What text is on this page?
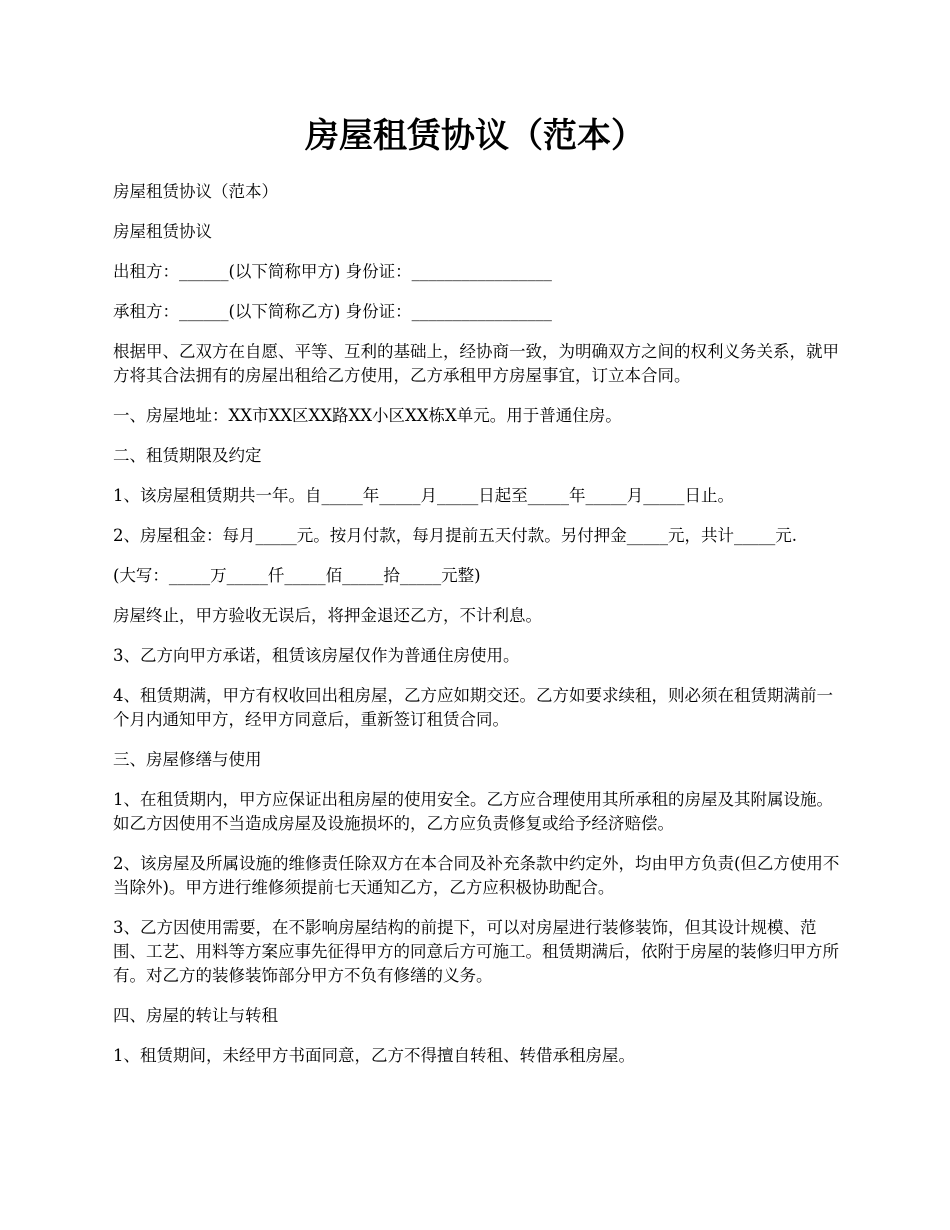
房屋租赁协议（范本）

房屋租赁协议（范本）

房屋租赁协议

出租方：______(以下简称甲方) 身份证：_________________

承租方：______(以下简称乙方) 身份证：_________________

根据甲、乙双方在自愿、平等、互利的基础上，经协商一致，为明确双方之间的权利义务关系，就甲方将其合法拥有的房屋出租给乙方使用，乙方承租甲方房屋事宜，订立本合同。

一、房屋地址：XX市XX区XX路XX小区XX栋X单元。用于普通住房。

二、租赁期限及约定

1、该房屋租赁期共一年。自_____年_____月_____日起至_____年_____月_____日止。

2、房屋租金：每月_____元。按月付款，每月提前五天付款。另付押金_____元，共计_____元.

(大写：_____万_____仟_____佰_____拾_____元整)

房屋终止，甲方验收无误后，将押金退还乙方，不计利息。

3、乙方向甲方承诺，租赁该房屋仅作为普通住房使用。

4、租赁期满，甲方有权收回出租房屋，乙方应如期交还。乙方如要求续租，则必须在租赁期满前一个月内通知甲方，经甲方同意后，重新签订租赁合同。

三、房屋修缮与使用

1、在租赁期内，甲方应保证出租房屋的使用安全。乙方应合理使用其所承租的房屋及其附属设施。如乙方因使用不当造成房屋及设施损坏的，乙方应负责修复或给予经济赔偿。

2、该房屋及所属设施的维修责任除双方在本合同及补充条款中约定外，均由甲方负责(但乙方使用不当除外)。甲方进行维修须提前七天通知乙方，乙方应积极协助配合。

3、乙方因使用需要，在不影响房屋结构的前提下，可以对房屋进行装修装饰，但其设计规模、范围、工艺、用料等方案应事先征得甲方的同意后方可施工。租赁期满后，依附于房屋的装修归甲方所有。对乙方的装修装饰部分甲方不负有修缮的义务。

四、房屋的转让与转租

1、租赁期间，未经甲方书面同意，乙方不得擅自转租、转借承租房屋。
